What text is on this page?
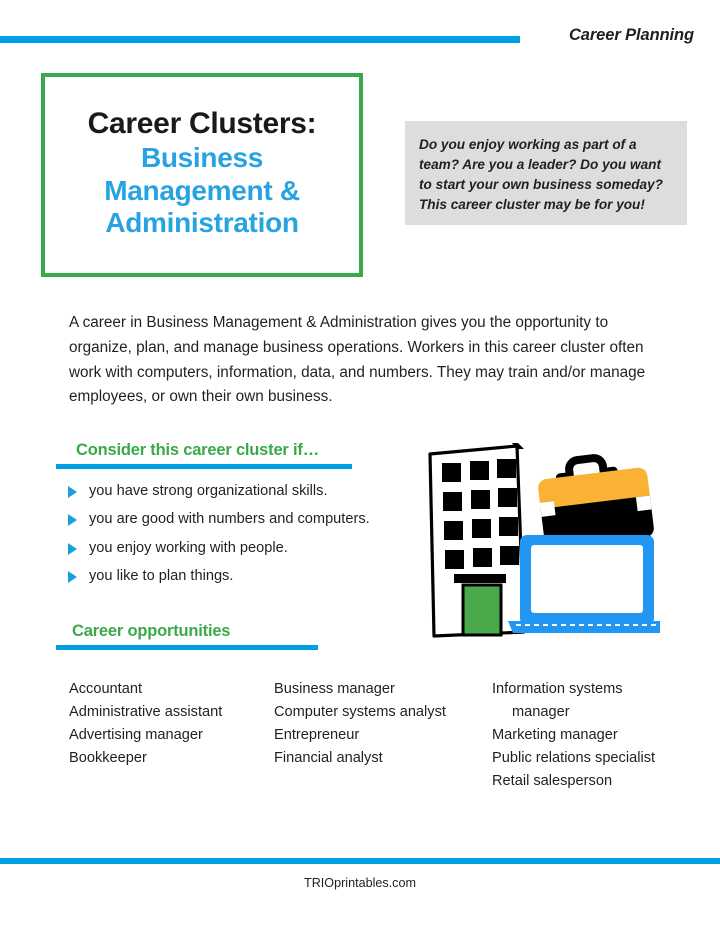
Career Planning
Career Clusters:
Business Management & Administration
Do you enjoy working as part of a team? Are you a leader? Do you want to start your own business someday? This career cluster may be for you!
A career in Business Management & Administration gives you the opportunity to organize, plan, and manage business operations. Workers in this career cluster often work with computers, information, data, and numbers. They may train and/or manage employees, or own their own business.
Consider this career cluster if…
you have strong organizational skills.
you are good with numbers and computers.
you enjoy working with people.
you like to plan things.
Career opportunities
Accountant
Administrative assistant
Advertising manager
Bookkeeper
Business manager
Computer systems analyst
Entrepreneur
Financial analyst
Information systems
manager
Marketing manager
Public relations specialist
Retail salesperson
TRIOprintables.com
